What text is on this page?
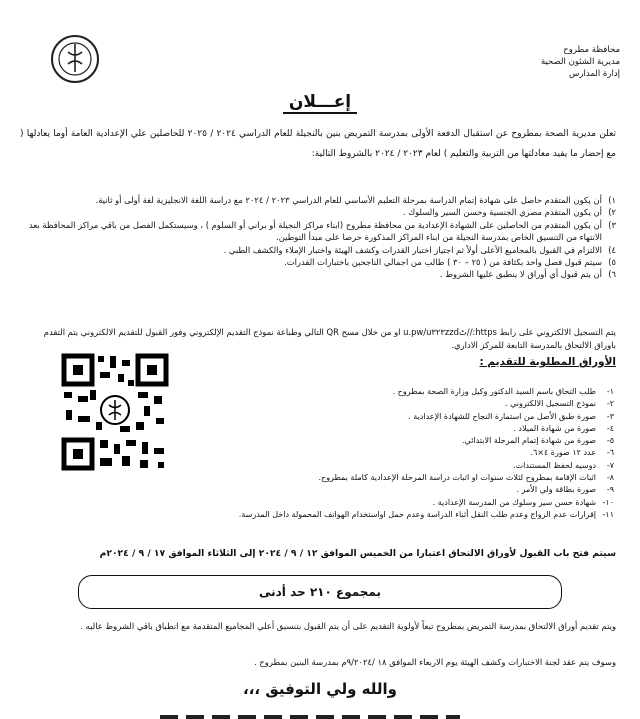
محافظة مطروح
مديرية الشئون الصحية
إدارة المدارس
إعـــلان
تعلن مديرية الصحة بمطروح عن استقبال الدفعة الأولى بمدرسة التمريض بنين بالنجيلة للعام الدراسي ٢٠٢٤ / ٢٠٢٥ للحاصلين علي الإعدادية العامة أوما يعادلها ( مع إحضار ما يفيد معادلتها من التربية والتعليم ) لعام ٢٠٢٣ / ٢٠٢٤ بالشروط التالية:
١)
أن يكون المتقدم حاصل على شهادة إتمام الدراسة بمرحلة التعليم الأساسي للعام الدراسي ٢٠٢٣ / ٢٠٢٤ مع دراسة اللغة الانجليزية لغة أولى أو ثانية.
٢)
أن يكون المتقدم مصري الجنسية وحسن السير والسلوك .
٣)
أن يكون المتقدم من الحاصلين على الشهادة الإعدادية من محافظة مطروح (ابناء مراكز النجيلة أو براني أو السلوم ) ، وسيستكمل الفصل من باقي مراكز المحافظة بعد الانتهاء من التنسيق الخاص بمدرسة النجيلة من ابناء المراكز المذكورة حرصا على مبدأ التوطين.
٤)
الالتزام في القبول بالمجاميع الأعلى أولاً ثم اجتياز اختبار القدرات وكشف الهيئة واختبار الإملاء والكشف الطبي .
٥)
سيتم قبول فصل واحد بكثافة من ( ٢٥ – ٣٠ ) طالب من اجمالي الناجحين باختبارات القدرات.
٦)
أن يتم قبول أي أوراق لا ينطبق عليها الشروط .
يتم التسجيل الالكتروني على رابط https://ٹu.pw/u۳۲۳zzd او من خلال مسح QR التالي وطباعة نموذج التقديم الإلكتروني وفور القبول للتقديم الالكتروني يتم التقدم باوراق الالتحاق بالمدرسة التابعة للمركز الاداري.
الأوراق المطلوبة للتقديم :
١-
طلب التحاق باسم السيد الدكتور وكيل وزارة الصحة بمطروح .
٢-
نموذج التسجيل الالكتروني .
٣-
صورة طبق الأصل من استمارة النجاح للشهادة الإعدادية .
٤-
صورة من شهادة الميلاد .
٥-
صورة من شهادة إتمام المرحلة الابتدائي.
٦-
عدد ١٢ صورة ٤×٦.
٧-
دوسيه لحفظ المستندات.
٨-
اثبات الإقامة بمطروح لثلاث سنوات او اثبات دراسة المرحلة الإعدادية كاملة بمطروح.
٩-
صورة بطاقة ولي الأمر .
١٠-
شهادة حسن سير وسلوك من المدرسة الإعدادية .
١١-
إقرارات عدم الزواج وعدم طلب النقل أثناء الدراسة وعدم حمل اواستخدام الهواتف المحمولة داخل المدرسة.
سيتم فتح باب القبول لأوراق الالتحاق اعتبارا من الخميس الموافق ١٢ / ٩ / ٢٠٢٤ إلى الثلاثاء الموافق ١٧ / ٩ / ٢٠٢٤م
بمجموع ٢١٠ حد أدنى
ويتم تقديم أوراق الالتحاق بمدرسة التمريض بمطروح تبعاً لأولوية التقديم على أن يتم القبول بتنسيق أعلي المجاميع المتقدمة مع انطباق باقي الشروط عاليه .
وسوف يتم عقد لجنة الاختبارات وكشف الهيئة يوم الاربعاء الموافق ١٨ /٩/٢٠٢٤م بمدرسة البنين بمطروح .
والله ولي التوفيق ،،،
